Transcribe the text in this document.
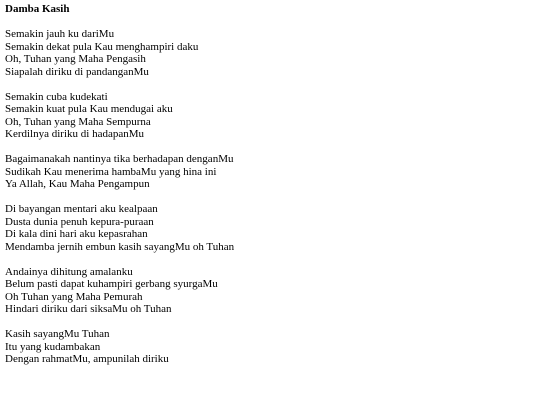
Damba Kasih
Semakin jauh ku dariMu
Semakin dekat pula Kau menghampiri daku
Oh, Tuhan yang Maha Pengasih
Siapalah diriku di pandanganMu
Semakin cuba kudekati
Semakin kuat pula Kau mendugai aku
Oh, Tuhan yang Maha Sempurna
Kerdilnya diriku di hadapanMu
Bagaimanakah nantinya tika berhadapan denganMu
Sudikah Kau menerima hambaMu yang hina ini
Ya Allah, Kau Maha Pengampun
Di bayangan mentari aku kealpaan
Dusta dunia penuh kepura-puraan
Di kala dini hari aku kepasrahan
Mendamba jernih embun kasih sayangMu oh Tuhan
Andainya dihitung amalanku
Belum pasti dapat kuhampiri gerbang syurgaMu
Oh Tuhan yang Maha Pemurah
Hindari diriku dari siksaMu oh Tuhan
Kasih sayangMu Tuhan
Itu yang kudambakan
Dengan rahmatMu, ampunilah diriku
